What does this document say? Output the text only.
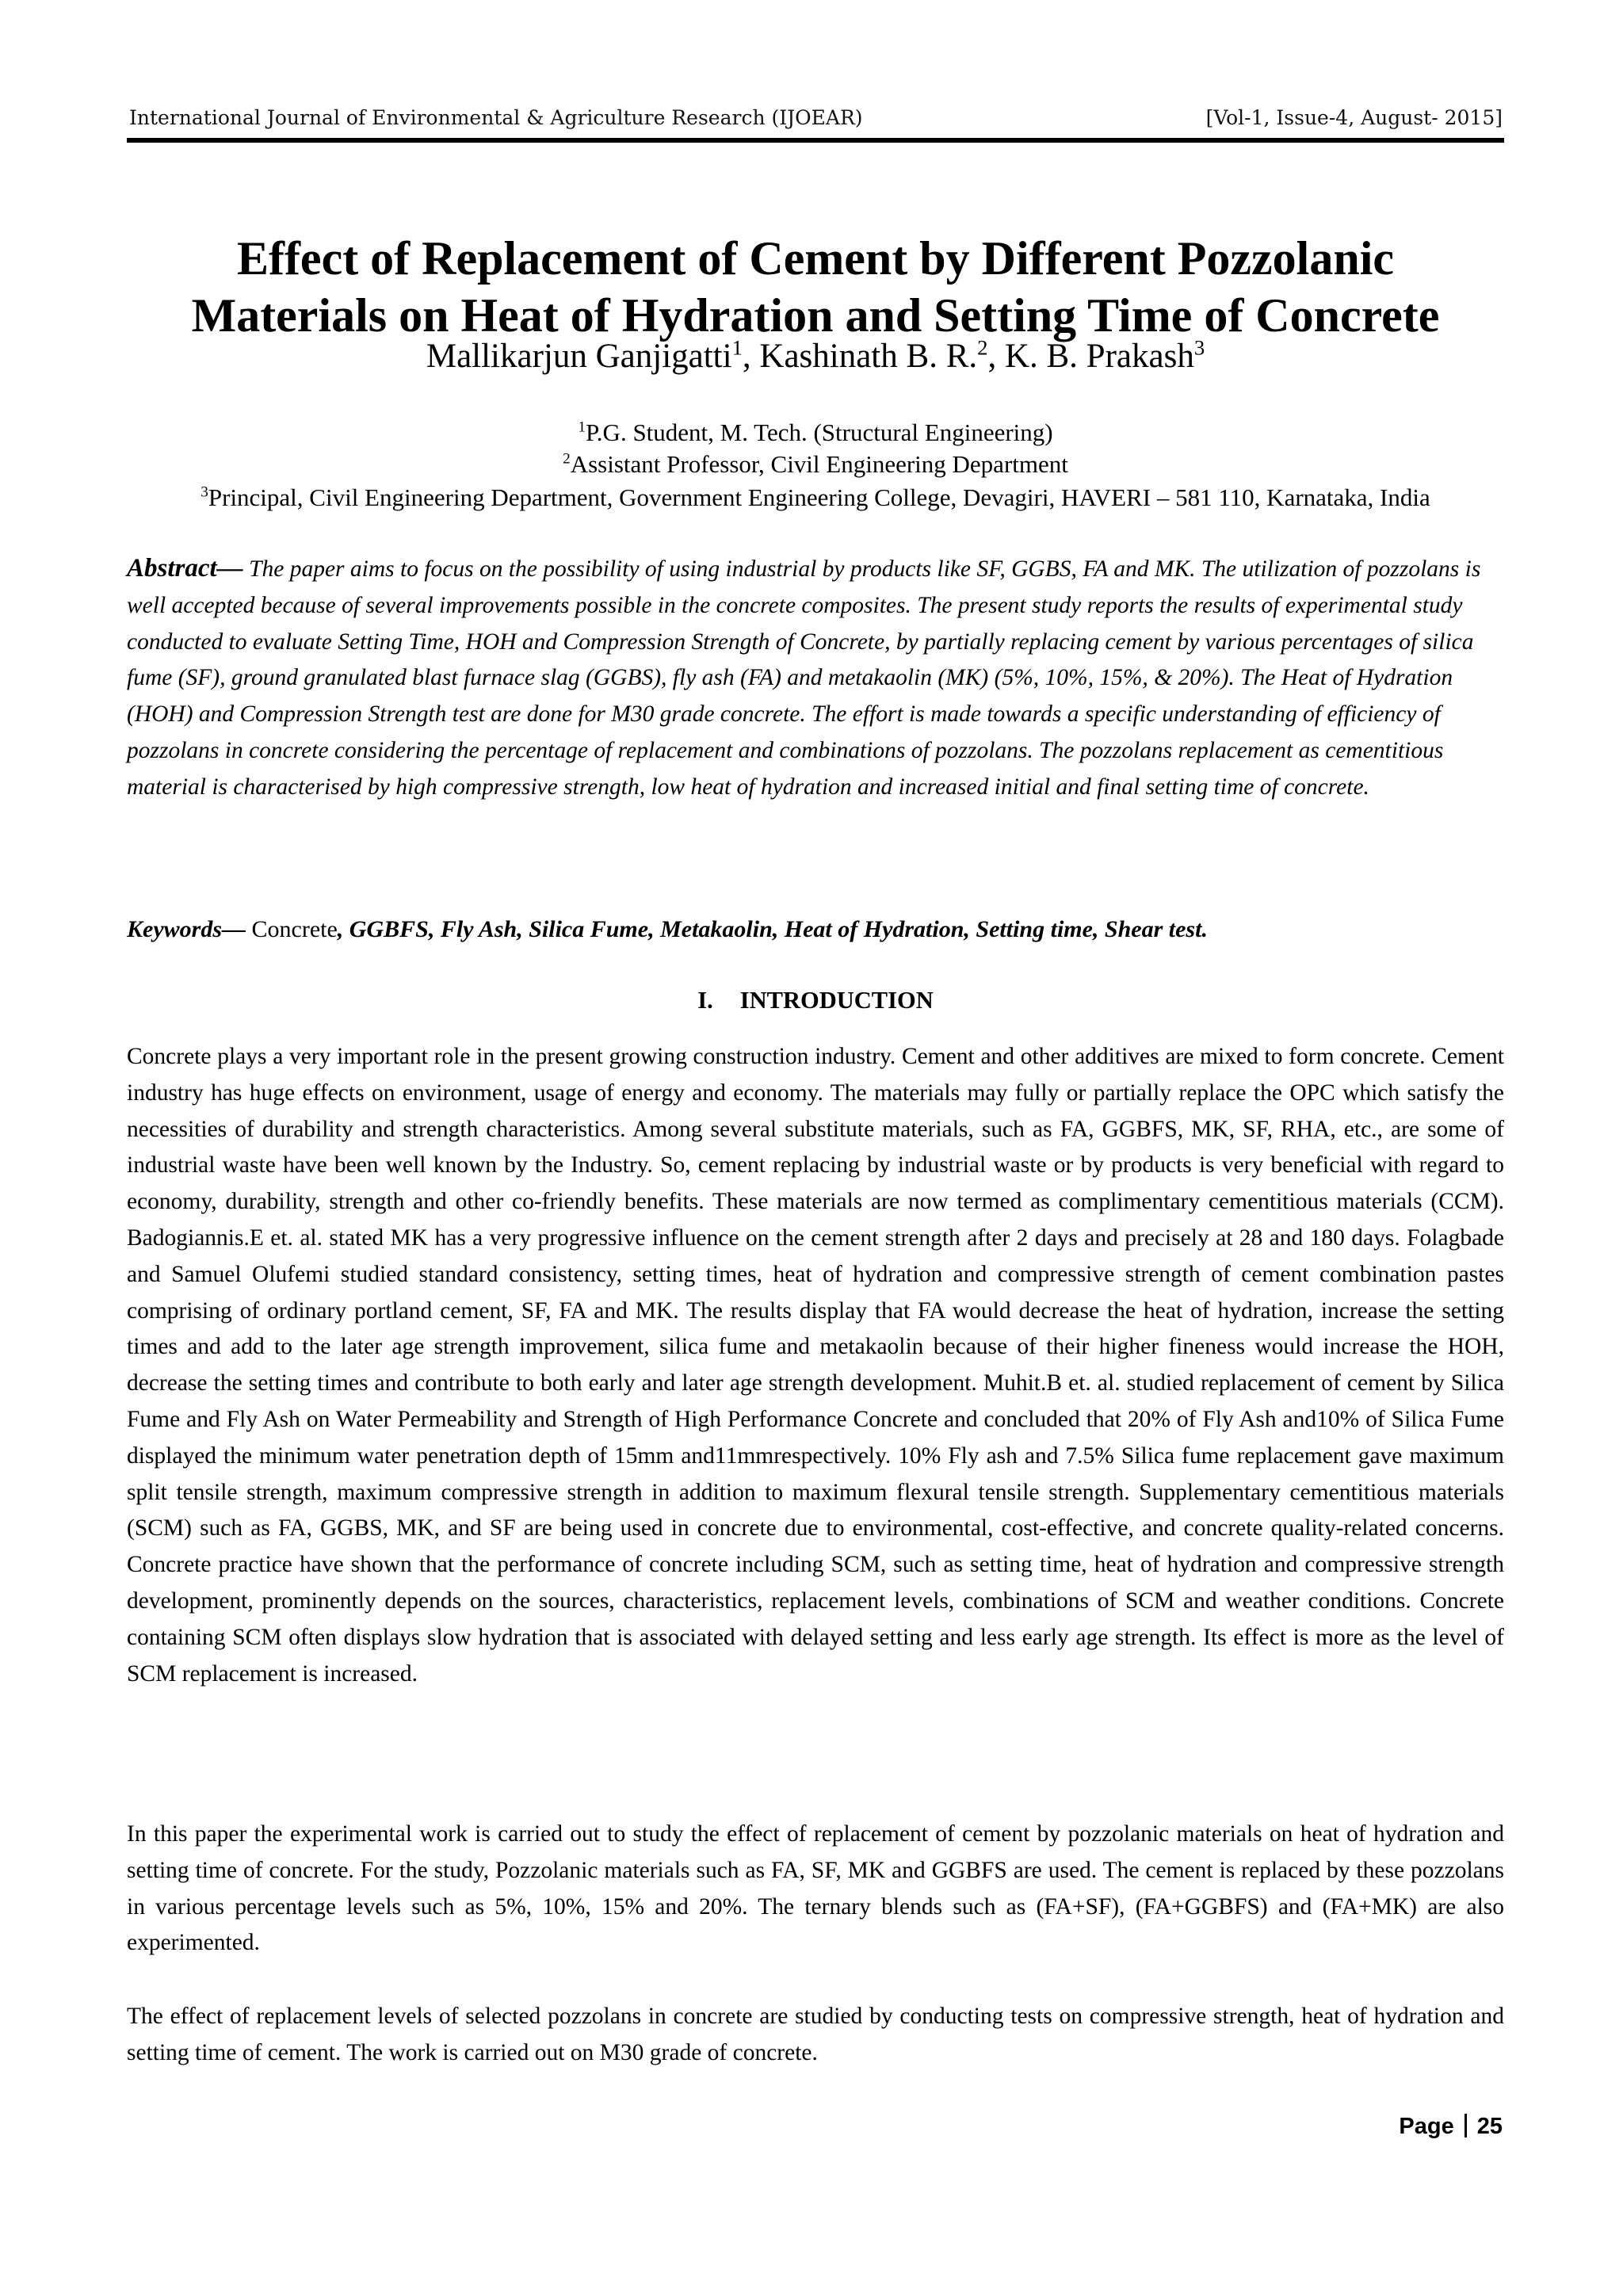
International Journal of Environmental & Agriculture Research (IJOEAR)	[Vol-1, Issue-4, August- 2015]
Effect of Replacement of Cement by Different Pozzolanic
Materials on Heat of Hydration and Setting Time of Concrete
Mallikarjun Ganjigatti$^1$, Kashinath B. R.$^2$, K. B. Prakash$^3$
$^1$P.G. Student, M. Tech. (Structural Engineering)
$^2$Assistant Professor, Civil Engineering Department
$^3$Principal, Civil Engineering Department, Government Engineering College, Devagiri, HAVERI – 581 110, Karnataka, India
Abstract— The paper aims to focus on the possibility of using industrial by products like SF, GGBS, FA and MK. The utilization of pozzolans is well accepted because of several improvements possible in the concrete composites. The present study reports the results of experimental study conducted to evaluate Setting Time, HOH and Compression Strength of Concrete, by partially replacing cement by various percentages of silica fume (SF), ground granulated blast furnace slag (GGBS), fly ash (FA) and metakaolin (MK) (5%, 10%, 15%, & 20%). The Heat of Hydration (HOH) and Compression Strength test are done for M30 grade concrete. The effort is made towards a specific understanding of efficiency of pozzolans in concrete considering the percentage of replacement and combinations of pozzolans. The pozzolans replacement as cementitious material is characterised by high compressive strength, low heat of hydration and increased initial and final setting time of concrete.
Keywords— Concrete, GGBFS, Fly Ash, Silica Fume, Metakaolin, Heat of Hydration, Setting time, Shear test.
I. INTRODUCTION

Concrete plays a very important role in the present growing construction industry. Cement and other additives are mixed to form concrete. Cement industry has huge effects on environment, usage of energy and economy. The materials may fully or partially replace the OPC which satisfy the necessities of durability and strength characteristics. Among several substitute materials, such as FA, GGBFS, MK, SF, RHA, etc., are some of industrial waste have been well known by the Industry. So, cement replacing by industrial waste or by products is very beneficial with regard to economy, durability, strength and other co-friendly benefits. These materials are now termed as complimentary cementitious materials (CCM). Badogiannis.E et. al. stated MK has a very progressive influence on the cement strength after 2 days and precisely at 28 and 180 days. Folagbade and Samuel Olufemi studied standard consistency, setting times, heat of hydration and compressive strength of cement combination pastes comprising of ordinary portland cement, SF, FA and MK. The results display that FA would decrease the heat of hydration, increase the setting times and add to the later age strength improvement, silica fume and metakaolin because of their higher fineness would increase the HOH, decrease the setting times and contribute to both early and later age strength development. Muhit.B et. al. studied replacement of cement by Silica Fume and Fly Ash on Water Permeability and Strength of High Performance Concrete and concluded that 20% of Fly Ash and10% of Silica Fume displayed the minimum water penetration depth of 15mm and11mmrespectively. 10% Fly ash and 7.5% Silica fume replacement gave maximum split tensile strength, maximum compressive strength in addition to maximum flexural tensile strength. Supplementary cementitious materials (SCM) such as FA, GGBS, MK, and SF are being used in concrete due to environmental, cost-effective, and concrete quality-related concerns. Concrete practice have shown that the performance of concrete including SCM, such as setting time, heat of hydration and compressive strength development, prominently depends on the sources, characteristics, replacement levels, combinations of SCM and weather conditions. Concrete containing SCM often displays slow hydration that is associated with delayed setting and less early age strength. Its effect is more as the level of SCM replacement is increased.

In this paper the experimental work is carried out to study the effect of replacement of cement by pozzolanic materials on heat of hydration and setting time of concrete. For the study, Pozzolanic materials such as FA, SF, MK and GGBFS are used. The cement is replaced by these pozzolans in various percentage levels such as 5%, 10%, 15% and 20%. The ternary blends such as (FA+SF), (FA+GGBFS) and (FA+MK) are also experimented.

The effect of replacement levels of selected pozzolans in concrete are studied by conducting tests on compressive strength, heat of hydration and setting time of cement. The work is carried out on M30 grade of concrete.

Page 25
